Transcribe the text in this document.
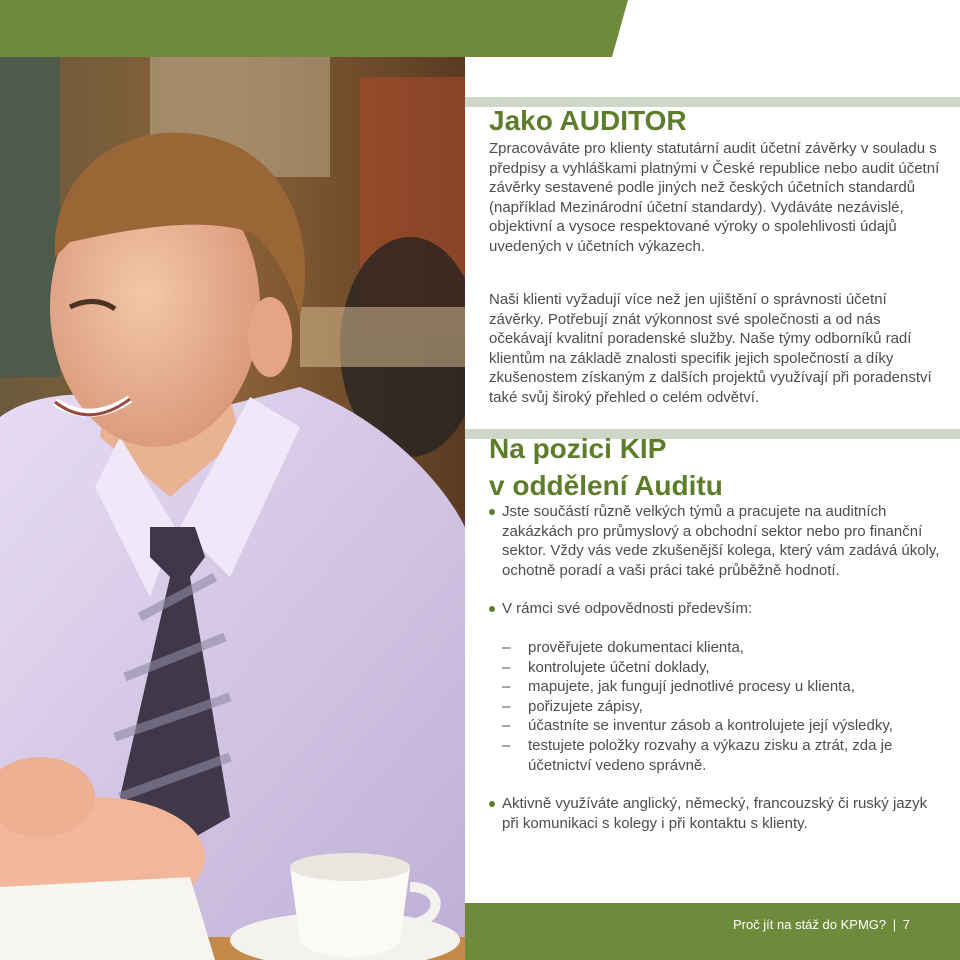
Jako AUDITOR

Zpracováváte pro klienty statutární audit účetní závěrky v souladu s předpisy a vyhláškami platnými v České republice nebo audit účetní závěrky sestavené podle jiných než českých účetních standardů (například Mezinárodní účetní standardy). Vydáváte nezávislé, objektivní a vysoce respektované výroky o spolehlivosti údajů uvedených v účetních výkazech.

Naši klienti vyžadují více než jen ujištění o správnosti účetní závěrky. Potřebují znát výkonnost své společnosti a od nás očekávají kvalitní poradenské služby. Naše týmy odborníků radí klientům na základě znalosti specifik jejich společností a díky zkušenostem získaným z dalších projektů využívají při poradenství také svůj široký přehled o celém odvětví.

Na pozici KIP
v oddělení Auditu
Jste součástí různě velkých týmů a pracujete na auditních zakázkách pro průmyslový a obchodní sektor nebo pro finanční sektor. Vždy vás vede zkušenější kolega, který vám zadává úkoly, ochotně poradí a vaši práci také průběžně hodnotí.
V rámci své odpovědnosti především:
– prověřujete dokumentaci klienta,
– kontrolujete účetní doklady,
– mapujete, jak fungují jednotlivé procesy u klienta,
– pořizujete zápisy,
– účastníte se inventur zásob a kontrolujete její výsledky,
– testujete položky rozvahy a výkazu zisku a ztrát, zda je účetnictví vedeno správně.
Aktivně využíváte anglický, německý, francouzský či ruský jazyk při komunikaci s kolegy i při kontaktu s klienty.
Proč jít na stáž do KPMG? | 7
